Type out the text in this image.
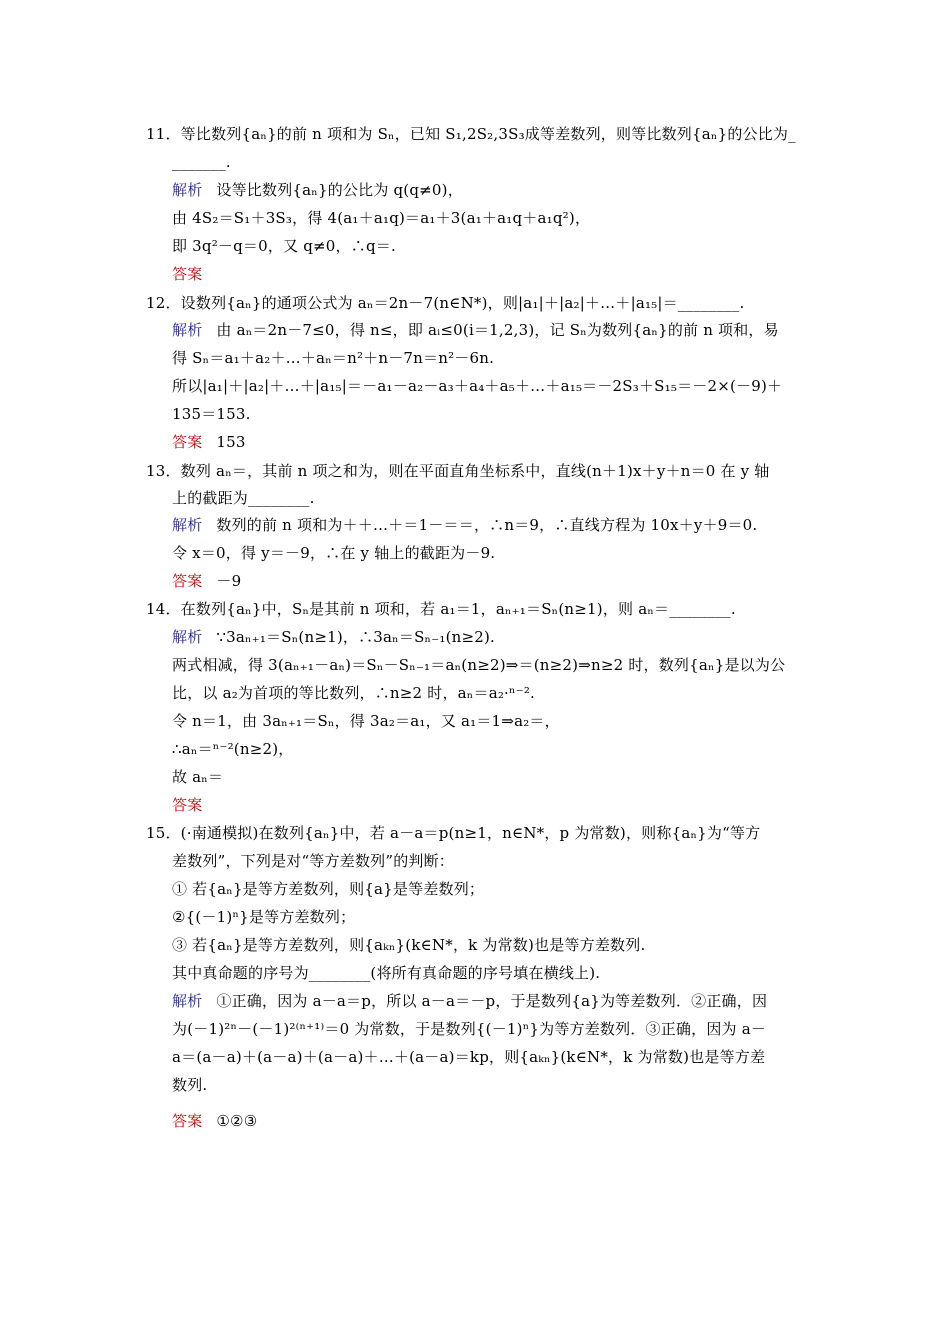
11．等比数列{aₙ}的前 n 项和为 Sₙ，已知 S₁,2S₂,3S₃成等差数列，则等比数列{aₙ}的公比为_
_______.
解析 设等比数列{aₙ}的公比为 q(q≠0)，
由 4S₂＝S₁＋3S₃，得 4(a₁＋a₁q)＝a₁＋3(a₁＋a₁q＋a₁q²)，
即 3q²－q＝0，又 q≠0，∴q＝.
答案
12．设数列{aₙ}的通项公式为 aₙ＝2n－7(n∈N*)，则|a₁|＋|a₂|＋…＋|a₁₅|＝________.
解析 由 aₙ＝2n－7≤0，得 n≤，即 aᵢ≤0(i＝1,2,3)，记 Sₙ为数列{aₙ}的前 n 项和，易
得 Sₙ＝a₁＋a₂＋…＋aₙ＝n²＋n－7n＝n²－6n.
所以|a₁|＋|a₂|＋…＋|a₁₅|＝－a₁－a₂－a₃＋a₄＋a₅＋…＋a₁₅＝－2S₃＋S₁₅＝－2×(－9)＋
135＝153.
答案 153
13．数列 aₙ＝，其前 n 项之和为，则在平面直角坐标系中，直线(n＋1)x＋y＋n＝0 在 y 轴
上的截距为________.
解析 数列的前 n 项和为＋＋…＋＝1－＝＝，∴n＝9，∴直线方程为 10x＋y＋9＝0.
令 x＝0，得 y＝－9，∴在 y 轴上的截距为－9.
答案 －9
14．在数列{aₙ}中，Sₙ是其前 n 项和，若 a₁＝1，aₙ₊₁＝Sₙ(n≥1)，则 aₙ＝________.
解析 ∵3aₙ₊₁＝Sₙ(n≥1)，∴3aₙ＝Sₙ₋₁(n≥2).
两式相减，得 3(aₙ₊₁－aₙ)＝Sₙ－Sₙ₋₁＝aₙ(n≥2)⇒＝(n≥2)⇒n≥2 时，数列{aₙ}是以为公
比，以 a₂为首项的等比数列，∴n≥2 时，aₙ＝a₂·ⁿ⁻².
令 n＝1，由 3aₙ₊₁＝Sₙ，得 3a₂＝a₁，又 a₁＝1⇒a₂＝，
∴aₙ＝ⁿ⁻²(n≥2)，
故 aₙ＝
答案
15．(·南通模拟)在数列{aₙ}中，若 a－a＝p(n≥1，n∈N*，p 为常数)，则称{aₙ}为“等方
差数列”，下列是对“等方差数列”的判断：
① 若{aₙ}是等方差数列，则{a}是等差数列；
②{(－1)ⁿ}是等方差数列；
③ 若{aₙ}是等方差数列，则{aₖₙ}(k∈N*，k 为常数)也是等方差数列.
其中真命题的序号为________(将所有真命题的序号填在横线上).
解析 ①正确，因为 a－a＝p，所以 a－a＝－p，于是数列{a}为等差数列．②正确，因
为(－1)²ⁿ－(－1)²⁽ⁿ⁺¹⁾＝0 为常数，于是数列{(－1)ⁿ}为等方差数列．③正确，因为 a－
a＝(a－a)＋(a－a)＋(a－a)＋…＋(a－a)＝kp，则{aₖₙ}(k∈N*，k 为常数)也是等方差
数列.
答案 ①②③
